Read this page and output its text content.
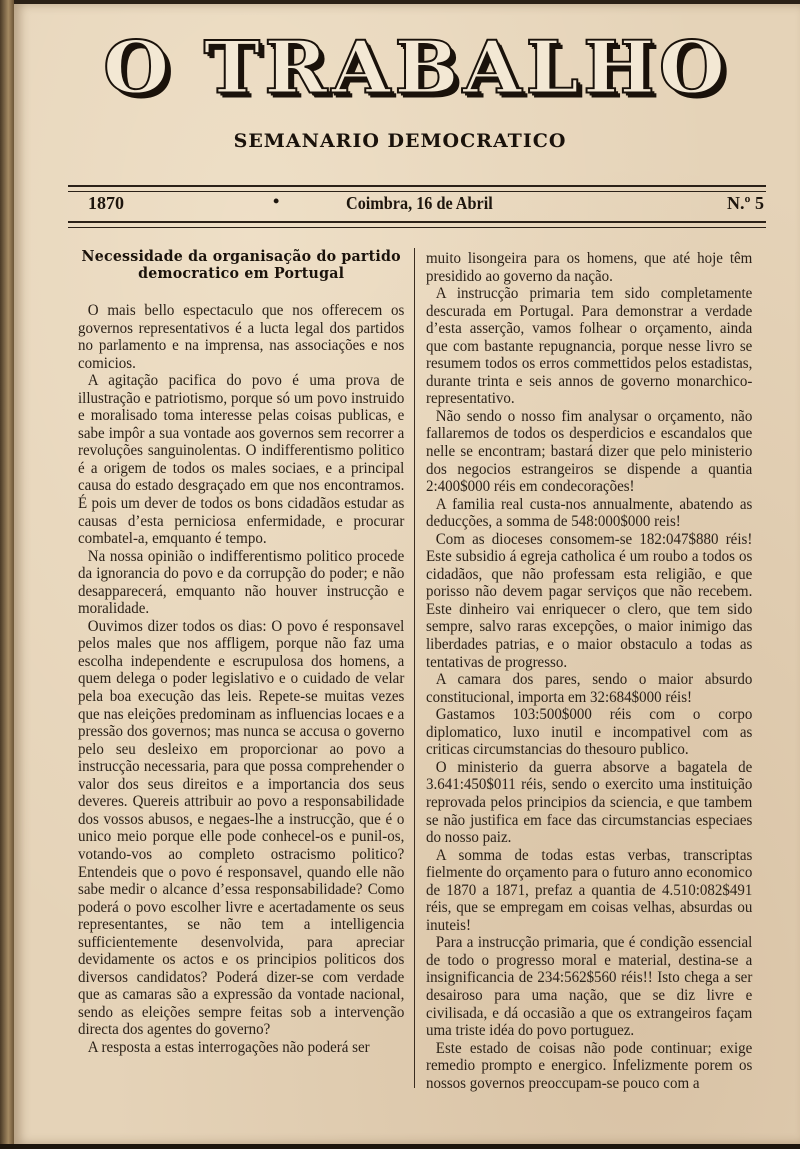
O TRABALHO
SEMANARIO DEMOCRATICO
1870	•	Coimbra, 16 de Abril	N.º 5
Necessidade da organisação do partido democratico em Portugal

O mais bello espectaculo que nos offerecem os governos representativos é a lucta legal dos partidos no parlamento e na imprensa, nas associações e nos comicios.

A agitação pacifica do povo é uma prova de illustração e patriotismo, porque só um povo instruido e moralisado toma interesse pelas coisas publicas, e sabe impôr a sua vontade aos governos sem recorrer a revoluções sanguinolentas. O indifferentismo politico é a origem de todos os males sociaes, e a principal causa do estado desgraçado em que nos encontramos. É pois um dever de todos os bons cidadãos estudar as causas d’esta perniciosa enfermidade, e procurar combatel-a, emquanto é tempo.

Na nossa opinião o indifferentismo politico procede da ignorancia do povo e da corrupção do poder; e não desapparecerá, emquanto não houver instrucção e moralidade.

Ouvimos dizer todos os dias: O povo é responsavel pelos males que nos affligem, porque não faz uma escolha independente e escrupulosa dos homens, a quem delega o poder legislativo e o cuidado de velar pela boa execução das leis. Repete-se muitas vezes que nas eleições predominam as influencias locaes e a pressão dos governos; mas nunca se accusa o governo pelo seu desleixo em proporcionar ao povo a instrucção necessaria, para que possa comprehender o valor dos seus direitos e a importancia dos seus deveres. Quereis attribuir ao povo a responsabilidade dos vossos abusos, e negaes-lhe a instrucção, que é o unico meio porque elle pode conhecel-os e punil-os, votando-vos ao completo ostracismo politico? Entendeis que o povo é responsavel, quando elle não sabe medir o alcance d’essa responsabilidade? Como poderá o povo escolher livre e acertadamente os seus representantes, se não tem a intelligencia sufficientemente desenvolvida, para apreciar devidamente os actos e os principios politicos dos diversos candidatos? Poderá dizer-se com verdade que as camaras são a expressão da vontade nacional, sendo as eleições sempre feitas sob a intervenção directa dos agentes do governo?

A resposta a estas interrogações não poderá ser

muito lisongeira para os homens, que até hoje têm presidido ao governo da nação.

A instrucção primaria tem sido completamente descurada em Portugal. Para demonstrar a verdade d’esta asserção, vamos folhear o orçamento, ainda que com bastante repugnancia, porque nesse livro se resumem todos os erros commettidos pelos estadistas, durante trinta e seis annos de governo monarchico-representativo.

Não sendo o nosso fim analysar o orçamento, não fallaremos de todos os desperdicios e escandalos que nelle se encontram; bastará dizer que pelo ministerio dos negocios estrangeiros se dispende a quantia 2:400$000 réis em condecorações!

A familia real custa-nos annualmente, abatendo as deducções, a somma de 548:000$000 reis!

Com as dioceses consomem-se 182:047$880 réis! Este subsidio á egreja catholica é um roubo a todos os cidadãos, que não professam esta religião, e que porisso não devem pagar serviços que não recebem. Este dinheiro vai enriquecer o clero, que tem sido sempre, salvo raras excepções, o maior inimigo das liberdades patrias, e o maior obstaculo a todas as tentativas de progresso.

A camara dos pares, sendo o maior absurdo constitucional, importa em 32:684$000 réis!

Gastamos 103:500$000 réis com o corpo diplomatico, luxo inutil e incompativel com as criticas circumstancias do thesouro publico.

O ministerio da guerra absorve a bagatela de 3.641:450$011 réis, sendo o exercito uma instituição reprovada pelos principios da sciencia, e que tambem se não justifica em face das circumstancias especiaes do nosso paiz.

A somma de todas estas verbas, transcriptas fielmente do orçamento para o futuro anno economico de 1870 a 1871, prefaz a quantia de 4.510:082$491 réis, que se empregam em coisas velhas, absurdas ou inuteis!

Para a instrucção primaria, que é condição essencial de todo o progresso moral e material, destina-se a insignificancia de 234:562$560 réis!! Isto chega a ser desairoso para uma nação, que se diz livre e civilisada, e dá occasião a que os extrangeiros façam uma triste idéa do povo portuguez.

Este estado de coisas não pode continuar; exige remedio prompto e energico. Infelizmente porem os nossos governos preoccupam-se pouco com a
